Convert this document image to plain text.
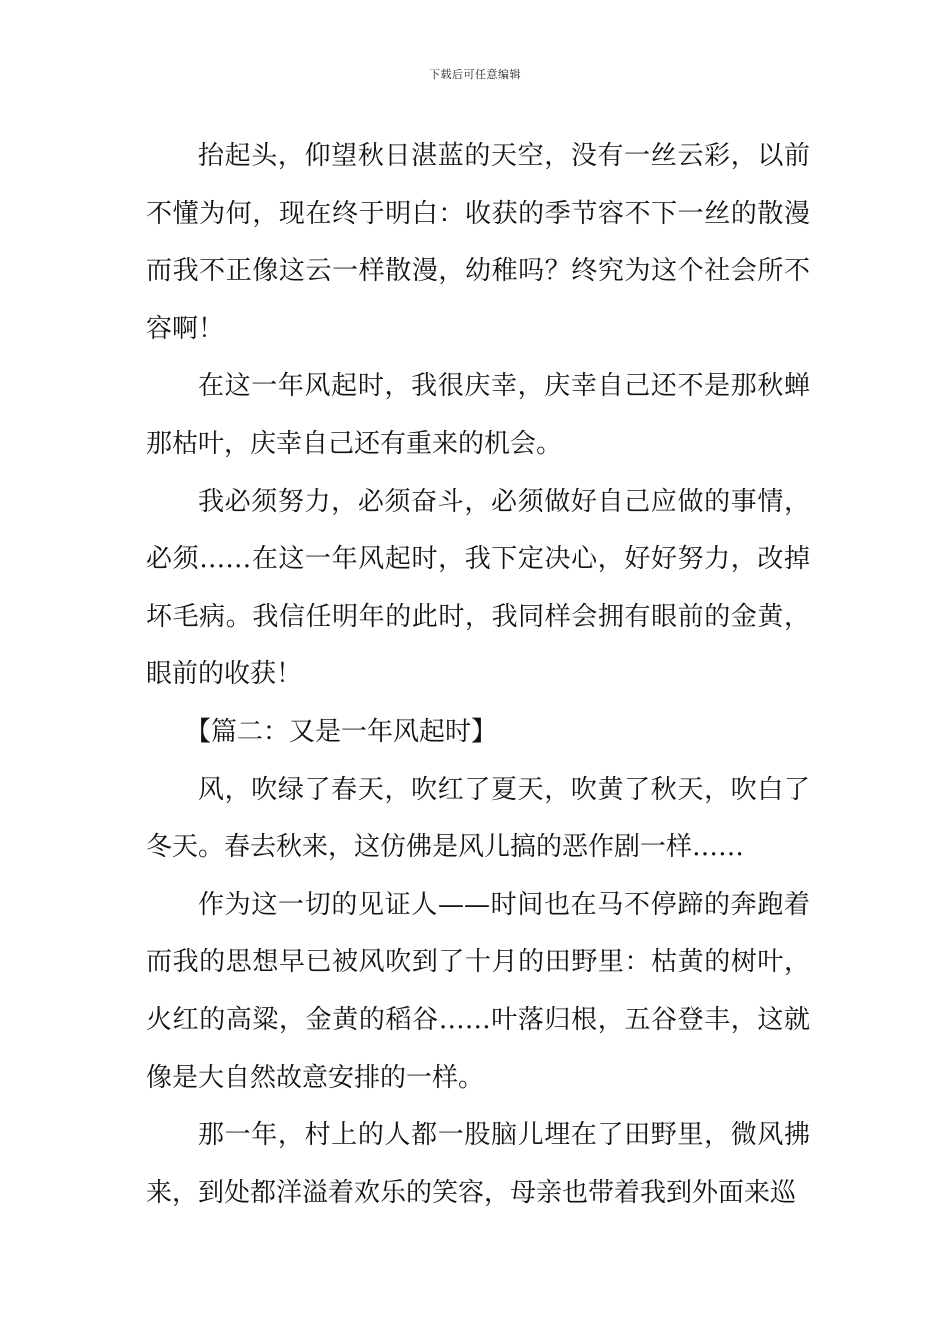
下载后可任意编辑

抬起头，仰望秋日湛蓝的天空，没有一丝云彩，以前不懂为何，现在终于明白：收获的季节容不下一丝的散漫而我不正像这云一样散漫，幼稚吗？终究为这个社会所不容啊！

在这一年风起时，我很庆幸，庆幸自己还不是那秋蝉那枯叶，庆幸自己还有重来的机会。

我必须努力，必须奋斗，必须做好自己应做的事情，必须……在这一年风起时，我下定决心，好好努力，改掉坏毛病。我信任明年的此时，我同样会拥有眼前的金黄，眼前的收获！

【篇二：又是一年风起时】

风，吹绿了春天，吹红了夏天，吹黄了秋天，吹白了冬天。春去秋来，这仿佛是风儿搞的恶作剧一样……

作为这一切的见证人——时间也在马不停蹄的奔跑着而我的思想早已被风吹到了十月的田野里：枯黄的树叶，火红的高粱，金黄的稻谷……叶落归根，五谷登丰，这就像是大自然故意安排的一样。

那一年，村上的人都一股脑儿埋在了田野里，微风拂来，到处都洋溢着欢乐的笑容，母亲也带着我到外面来巡
